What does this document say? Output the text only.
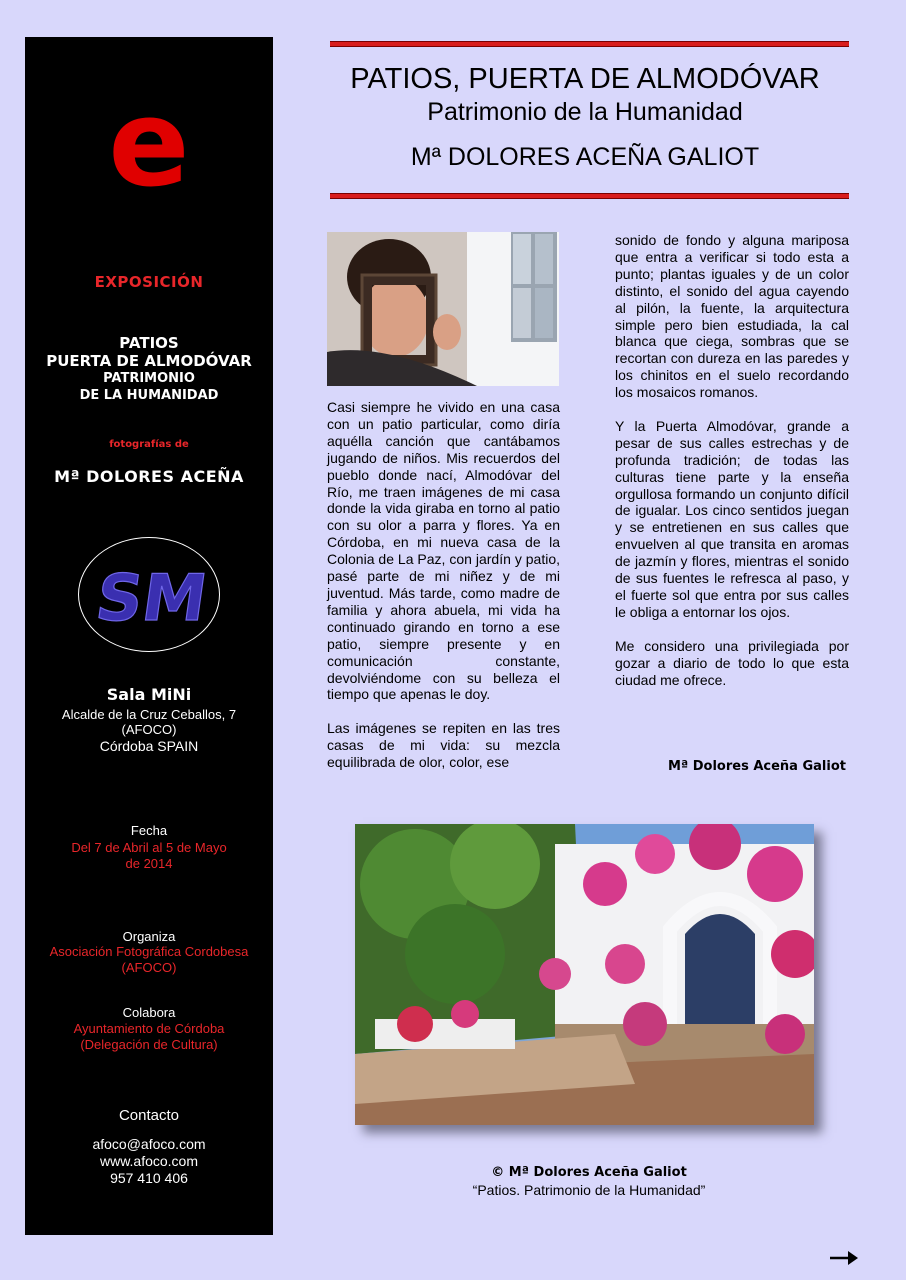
e
EXPOSICIÓN
PATIOS
PUERTA DE ALMODÓVAR
PATRIMONIO
DE LA HUMANIDAD
fotografías de
Mª DOLORES ACEÑA
SM
Sala MiNi
Alcalde de la Cruz Ceballos, 7
(AFOCO)
Córdoba SPAIN
Fecha
Del 7 de Abril al 5 de Mayo
de 2014
Organiza
Asociación Fotográfica Cordobesa
(AFOCO)
Colabora
Ayuntamiento de Córdoba
(Delegación de Cultura)
Contacto
afoco@afoco.com
www.afoco.com
957 410 406
PATIOS, PUERTA DE ALMODÓVAR
Patrimonio de la Humanidad
Mª DOLORES ACEÑA GALIOT

Casi siempre he vivido en una casa con un patio particular, como diría aquélla canción que cantábamos jugando de niños. Mis recuerdos del pueblo donde nací, Almodóvar del Río, me traen imágenes de mi casa donde la vida giraba en torno al patio con su olor a parra y flores. Ya en Córdoba, en mi nueva casa de la Colonia de La Paz, con jardín y patio, pasé parte de mi niñez y de mi juventud. Más tarde, como madre de familia y ahora abuela, mi vida ha continuado girando en torno a ese patio, siempre presente y en comunicación constante, devolviéndome con su belleza el tiempo que apenas le doy.

Las imágenes se repiten en las tres casas de mi vida: su mezcla equilibrada de olor, color, ese

sonido de fondo y alguna mariposa que entra a verificar si todo esta a punto; plantas iguales y de un color distinto, el sonido del agua cayendo al pilón, la fuente, la arquitectura simple pero bien estudiada, la cal blanca que ciega, sombras que se recortan con dureza en las paredes y los chinitos en el suelo recordando los mosaicos romanos.

Y la Puerta Almodóvar, grande a pesar de sus calles estrechas y de profunda tradición; de todas las culturas tiene parte y la enseña orgullosa formando un conjunto difícil de igualar. Los cinco sentidos juegan y se entretienen en sus calles que envuelven al que transita en aromas de jazmín y flores, mientras el sonido de sus fuentes le refresca al paso, y el fuerte sol que entra por sus calles le obliga a entornar los ojos.

Me considero una privilegiada por gozar a diario de todo lo que esta ciudad me ofrece.

Mª Dolores Aceña Galiot
© Mª Dolores Aceña Galiot
“Patios. Patrimonio de la Humanidad”
